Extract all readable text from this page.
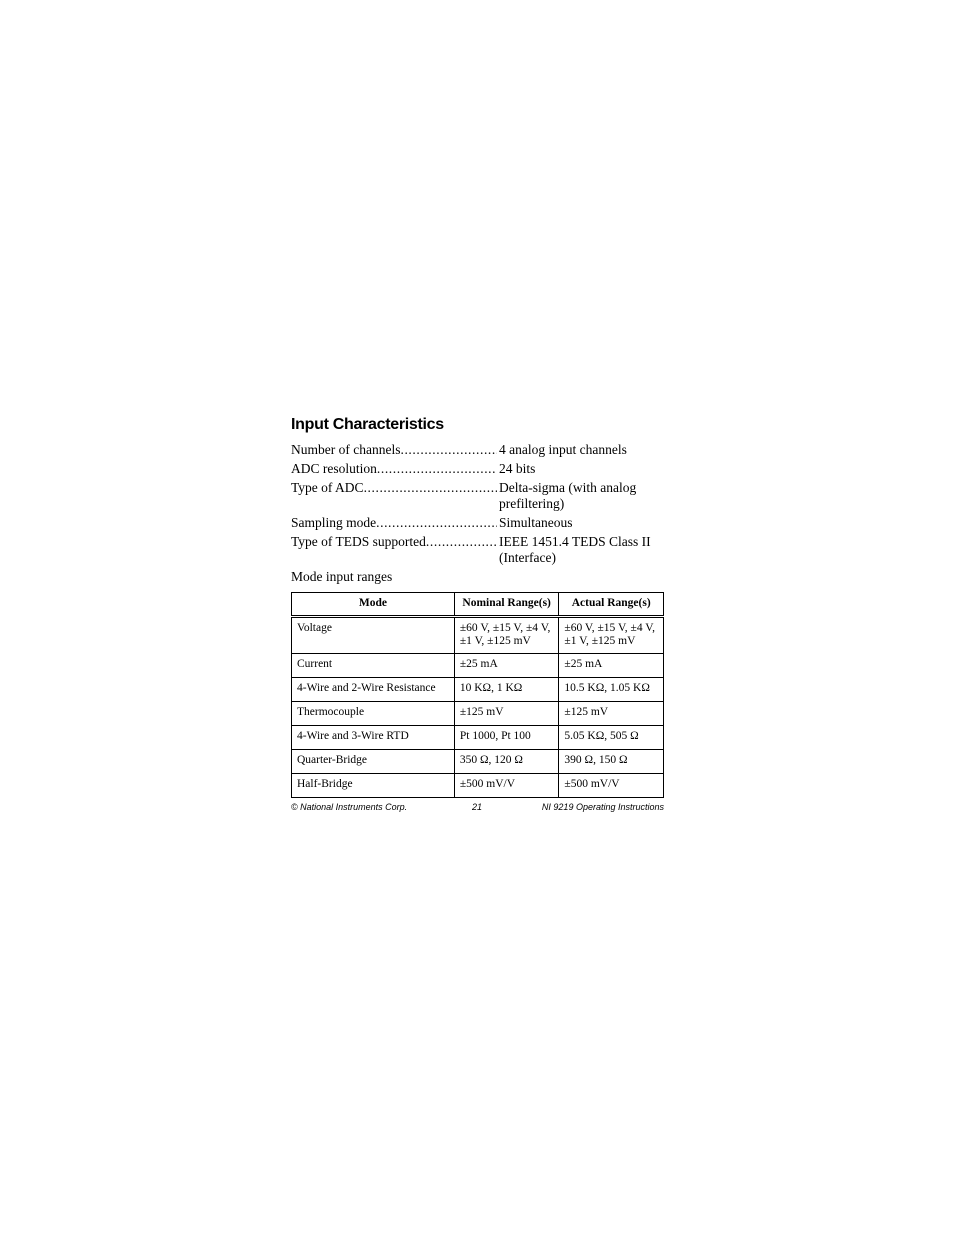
Input Characteristics
Number of channels .....	4 analog input channels
ADC resolution .....	24 bits
Type of ADC .....	Delta-sigma (with analog prefiltering)
Sampling mode .....	Simultaneous
Type of TEDS supported .....	IEEE 1451.4 TEDS Class II (Interface)
Mode input ranges
Mode	Nominal Range(s)	Actual Range(s)
Voltage	±60 V, ±15 V, ±4 V, ±1 V, ±125 mV	±60 V, ±15 V, ±4 V, ±1 V, ±125 mV
Current	±25 mA	±25 mA
4-Wire and 2-Wire Resistance	10 KΩ, 1 KΩ	10.5 KΩ, 1.05 KΩ
Thermocouple	±125 mV	±125 mV
4-Wire and 3-Wire RTD	Pt 1000, Pt 100	5.05 KΩ, 505 Ω
Quarter-Bridge	350 Ω, 120 Ω	390 Ω, 150 Ω
Half-Bridge	±500 mV/V	±500 mV/V
© National Instruments Corp.	21	NI 9219 Operating Instructions
